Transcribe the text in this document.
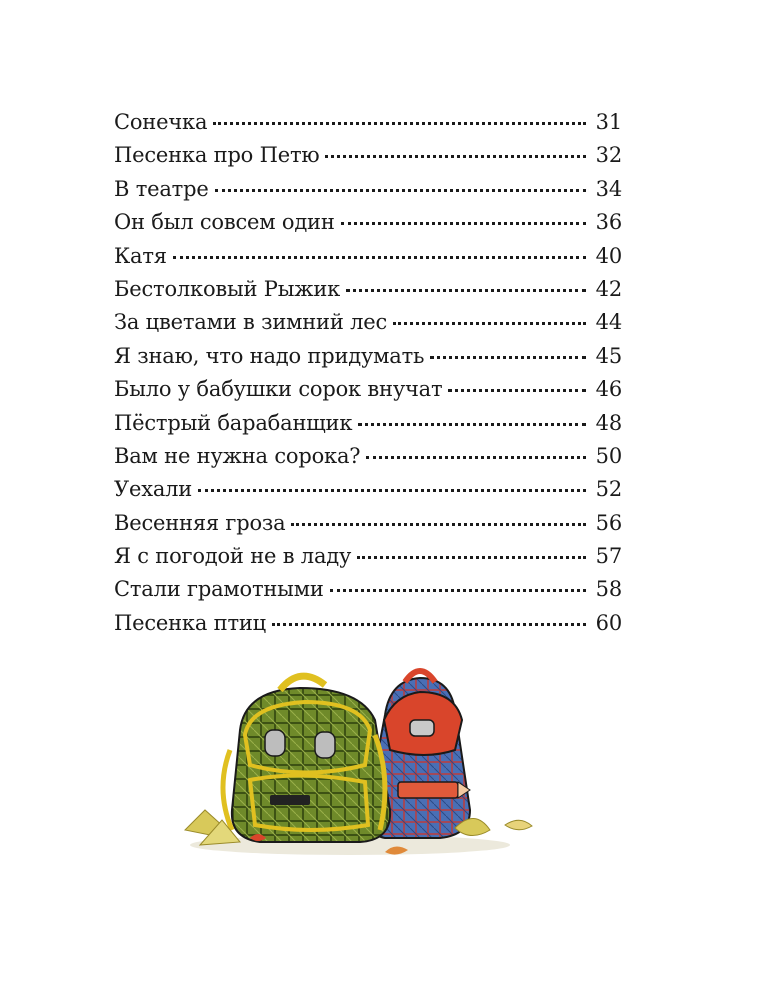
Сонечка	31
Песенка про Петю	32
В театре	34
Он был совсем один	36
Катя	40
Бестолковый Рыжик	42
За цветами в зимний лес	44
Я знаю, что надо придумать	45
Было у бабушки сорок внучат	46
Пёстрый барабанщик	48
Вам не нужна сорока?	50
Уехали	52
Весенняя гроза	56
Я с погодой не в ладу	57
Стали грамотными	58
Песенка птиц	60
